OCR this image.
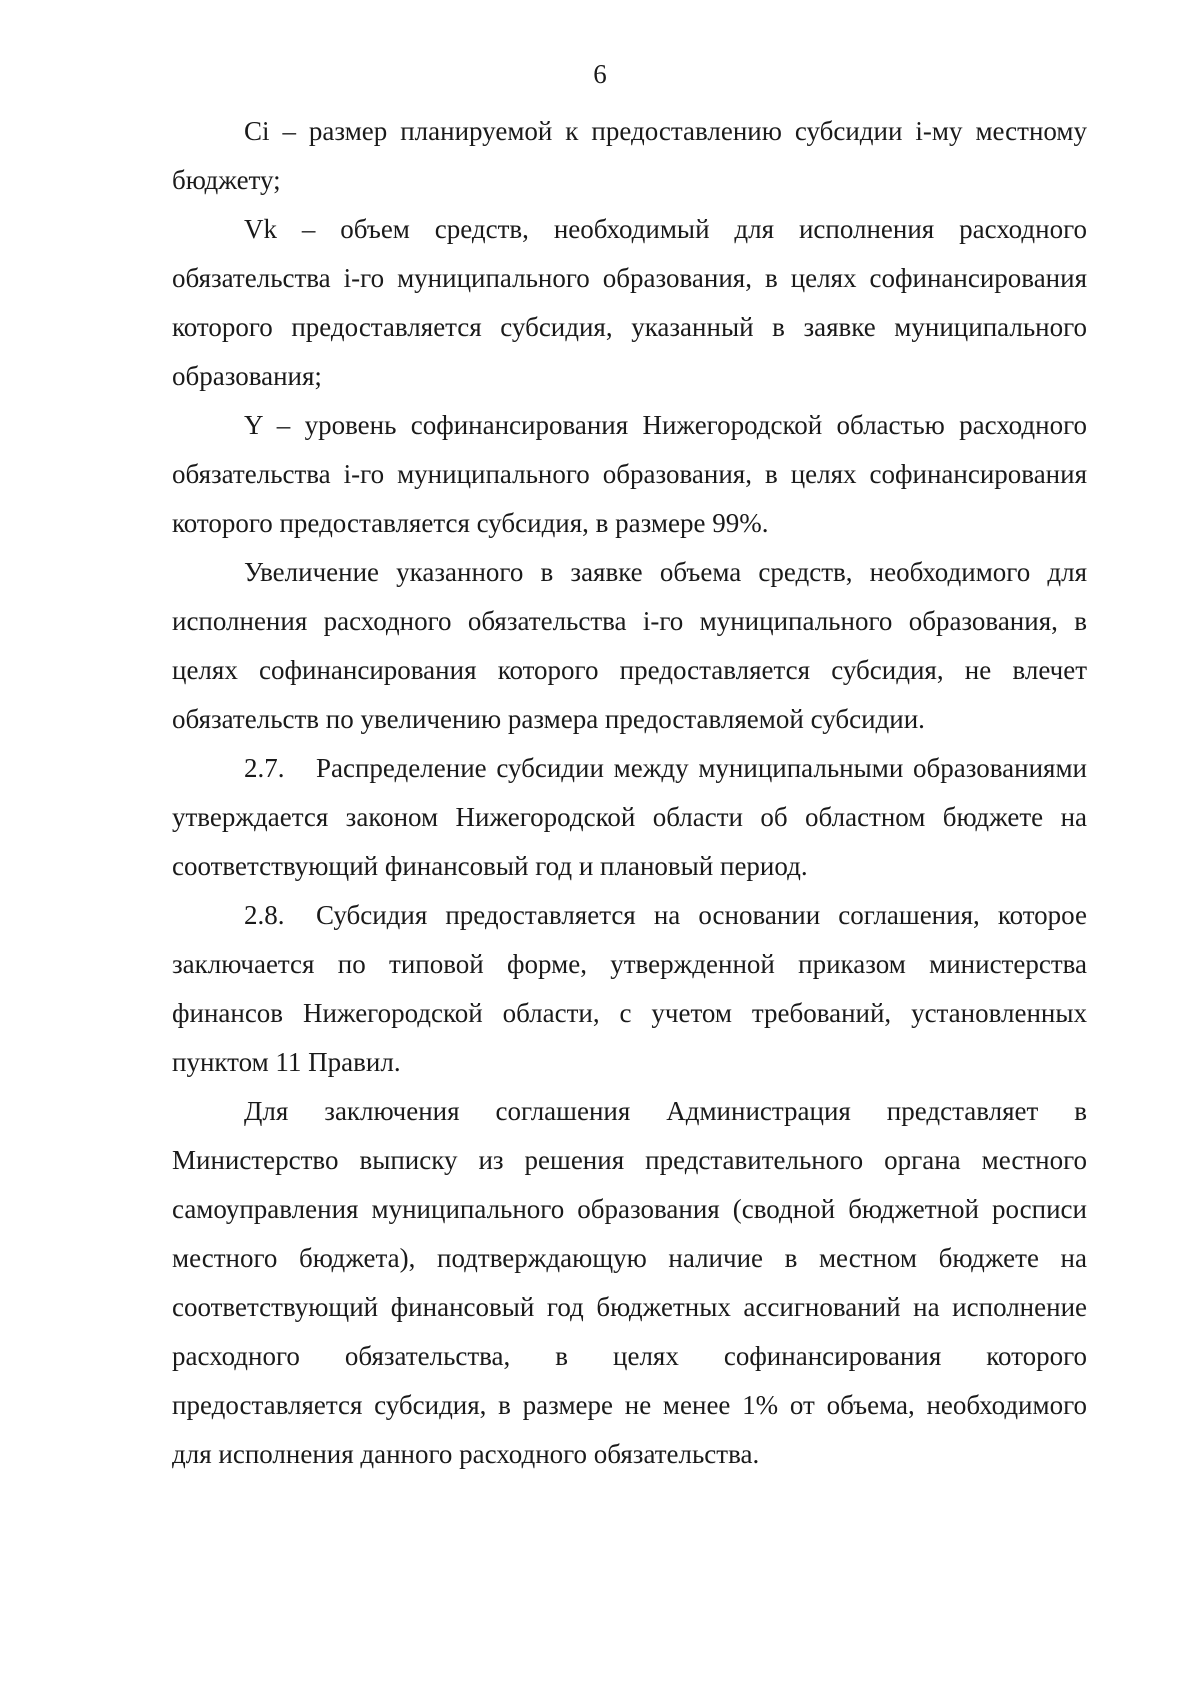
6

Ci – размер планируемой к предоставлению субсидии i-му местному бюджету;

Vk – объем средств, необходимый для исполнения расходного обязательства i-го муниципального образования, в целях софинансирования которого предоставляется субсидия, указанный в заявке муниципального образования;

Y – уровень софинансирования Нижегородской областью расходного обязательства i-го муниципального образования, в целях софинансирования которого предоставляется субсидия, в размере 99%.

Увеличение указанного в заявке объема средств, необходимого для исполнения расходного обязательства i-го муниципального образования, в целях софинансирования которого предоставляется субсидия, не влечет обязательств по увеличению размера предоставляемой субсидии.

2.7. Распределение субсидии между муниципальными образованиями утверждается законом Нижегородской области об областном бюджете на соответствующий финансовый год и плановый период.

2.8. Субсидия предоставляется на основании соглашения, которое заключается по типовой форме, утвержденной приказом министерства финансов Нижегородской области, с учетом требований, установленных пунктом 11 Правил.

Для заключения соглашения Администрация представляет в Министерство выписку из решения представительного органа местного самоуправления муниципального образования (сводной бюджетной росписи местного бюджета), подтверждающую наличие в местном бюджете на соответствующий финансовый год бюджетных ассигнований на исполнение расходного обязательства, в целях софинансирования которого предоставляется субсидия, в размере не менее 1% от объема, необходимого для исполнения данного расходного обязательства.
